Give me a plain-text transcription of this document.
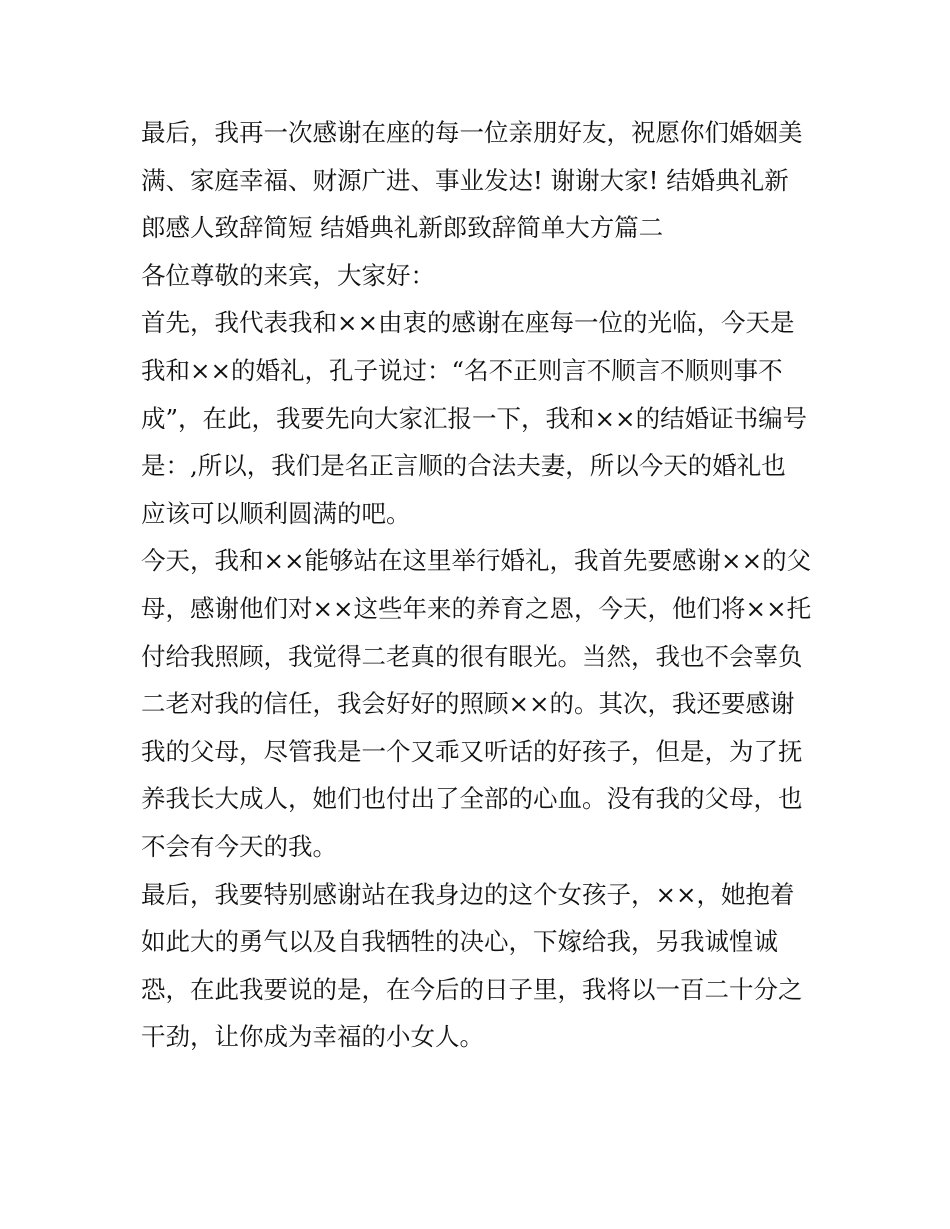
最后，我再一次感谢在座的每一位亲朋好友，祝愿你们婚姻美
满、家庭幸福、财源广进、事业发达! 谢谢大家! 结婚典礼新
郎感人致辞简短 结婚典礼新郎致辞简单大方篇二
各位尊敬的来宾，大家好：
首先，我代表我和××由衷的感谢在座每一位的光临，今天是
我和××的婚礼，孔子说过：“名不正则言不顺言不顺则事不
成”，在此，我要先向大家汇报一下，我和××的结婚证书编号
是：,所以，我们是名正言顺的合法夫妻，所以今天的婚礼也
应该可以顺利圆满的吧。
今天，我和××能够站在这里举行婚礼，我首先要感谢××的父
母，感谢他们对××这些年来的养育之恩，今天，他们将××托
付给我照顾，我觉得二老真的很有眼光。当然，我也不会辜负
二老对我的信任，我会好好的照顾××的。其次，我还要感谢
我的父母，尽管我是一个又乖又听话的好孩子，但是，为了抚
养我长大成人，她们也付出了全部的心血。没有我的父母，也
不会有今天的我。
最后，我要特别感谢站在我身边的这个女孩子，××，她抱着
如此大的勇气以及自我牺牲的决心，下嫁给我，另我诚惶诚
恐，在此我要说的是，在今后的日子里，我将以一百二十分之
干劲，让你成为幸福的小女人。
